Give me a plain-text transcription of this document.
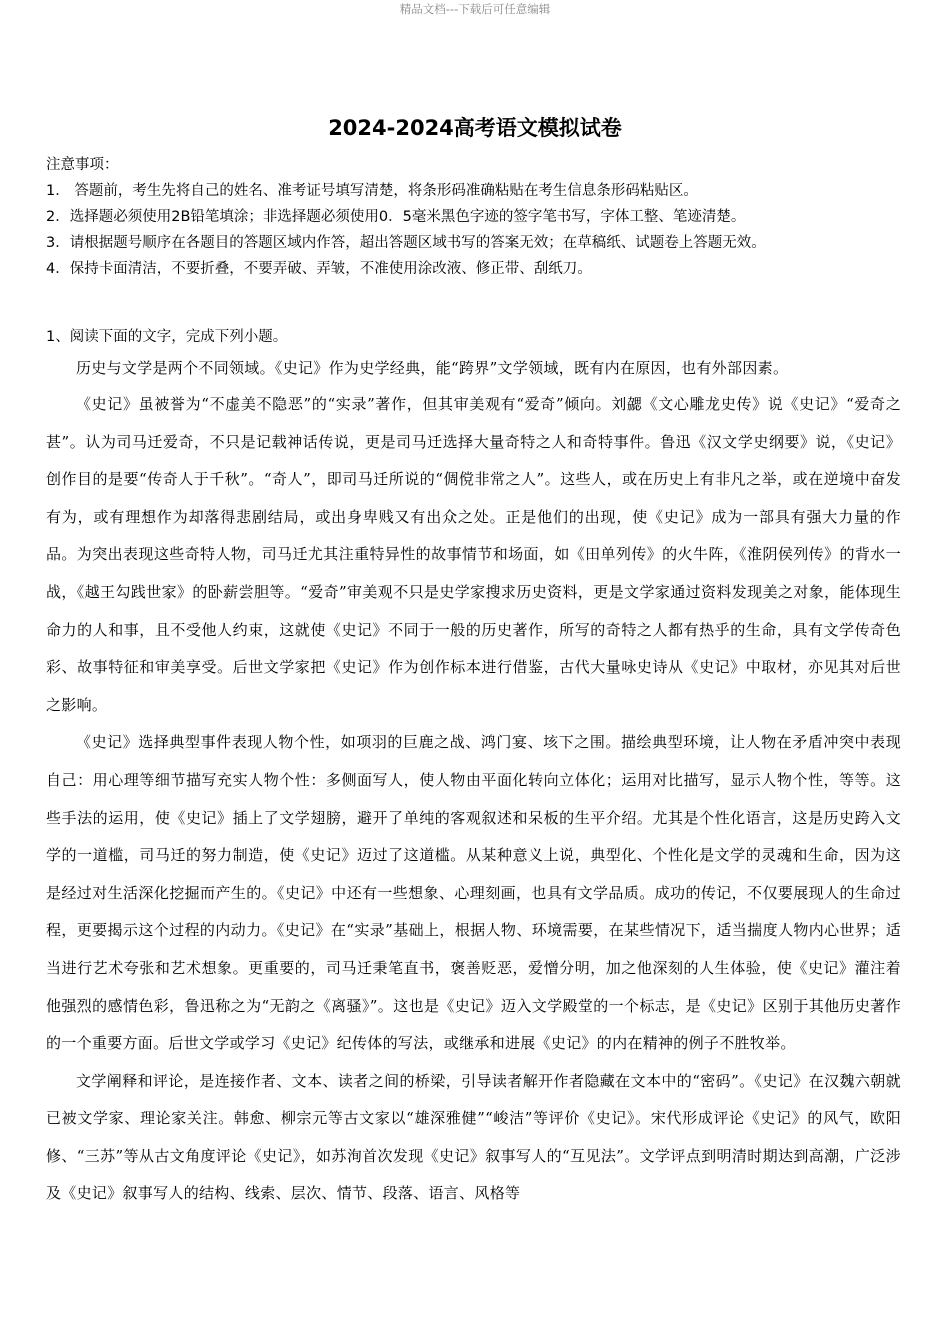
精品文档---下载后可任意编辑
2024-2024高考语文模拟试卷
注意事项：
1． 答题前，考生先将自己的姓名、准考证号填写清楚，将条形码准确粘贴在考生信息条形码粘贴区。
2．选择题必须使用2B铅笔填涂；非选择题必须使用0．5毫米黑色字迹的签字笔书写，字体工整、笔迹清楚。
3．请根据题号顺序在各题目的答题区域内作答，超出答题区域书写的答案无效；在草稿纸、试题卷上答题无效。
4．保持卡面清洁，不要折叠，不要弄破、弄皱，不准使用涂改液、修正带、刮纸刀。
1、阅读下面的文字，完成下列小题。

历史与文学是两个不同领域。《史记》作为史学经典，能“跨界”文学领域，既有内在原因，也有外部因素。

《史记》虽被誉为“不虚美不隐恶”的“实录”著作，但其审美观有“爱奇”倾向。刘勰《文心雕龙史传》说《史记》“爱奇之甚”。认为司马迁爱奇，不只是记载神话传说，更是司马迁选择大量奇特之人和奇特事件。鲁迅《汉文学史纲要》说，《史记》创作目的是要“传奇人于千秋”。“奇人”，即司马迁所说的“倜傥非常之人”。这些人，或在历史上有非凡之举，或在逆境中奋发有为，或有理想作为却落得悲剧结局，或出身卑贱又有出众之处。正是他们的出现，使《史记》成为一部具有强大力量的作品。为突出表现这些奇特人物，司马迁尤其注重特异性的故事情节和场面，如《田单列传》的火牛阵，《淮阴侯列传》的背水一战，《越王勾践世家》的卧薪尝胆等。“爱奇”审美观不只是史学家搜求历史资料，更是文学家通过资料发现美之对象，能体现生命力的人和事，且不受他人约束，这就使《史记》不同于一般的历史著作，所写的奇特之人都有热乎的生命，具有文学传奇色彩、故事特征和审美享受。后世文学家把《史记》作为创作标本进行借鉴，古代大量咏史诗从《史记》中取材，亦见其对后世之影响。

《史记》选择典型事件表现人物个性，如项羽的巨鹿之战、鸿门宴、垓下之围。描绘典型环境，让人物在矛盾冲突中表现自己：用心理等细节描写充实人物个性：多侧面写人，使人物由平面化转向立体化；运用对比描写，显示人物个性，等等。这些手法的运用，使《史记》插上了文学翅膀，避开了单纯的客观叙述和呆板的生平介绍。尤其是个性化语言，这是历史跨入文学的一道槛，司马迁的努力制造，使《史记》迈过了这道槛。从某种意义上说，典型化、个性化是文学的灵魂和生命，因为这是经过对生活深化挖掘而产生的。《史记》中还有一些想象、心理刻画，也具有文学品质。成功的传记，不仅要展现人的生命过程，更要揭示这个过程的内动力。《史记》在“实录”基础上，根据人物、环境需要，在某些情况下，适当揣度人物内心世界；适当进行艺术夸张和艺术想象。更重要的，司马迁秉笔直书，褒善贬恶，爱憎分明，加之他深刻的人生体验，使《史记》灌注着他强烈的感情色彩，鲁迅称之为“无韵之《离骚》”。这也是《史记》迈入文学殿堂的一个标志，是《史记》区别于其他历史著作的一个重要方面。后世文学或学习《史记》纪传体的写法，或继承和进展《史记》的内在精神的例子不胜牧举。

文学阐释和评论，是连接作者、文本、读者之间的桥梁，引导读者解开作者隐藏在文本中的“密码”。《史记》在汉魏六朝就已被文学家、理论家关注。韩愈、柳宗元等古文家以“雄深雅健”“峻洁”等评价《史记》。宋代形成评论《史记》的风气，欧阳修、“三苏”等从古文角度评论《史记》，如苏洵首次发现《史记》叙事写人的“互见法”。文学评点到明清时期达到高潮，广泛涉及《史记》叙事写人的结构、线索、层次、情节、段落、语言、风格等
